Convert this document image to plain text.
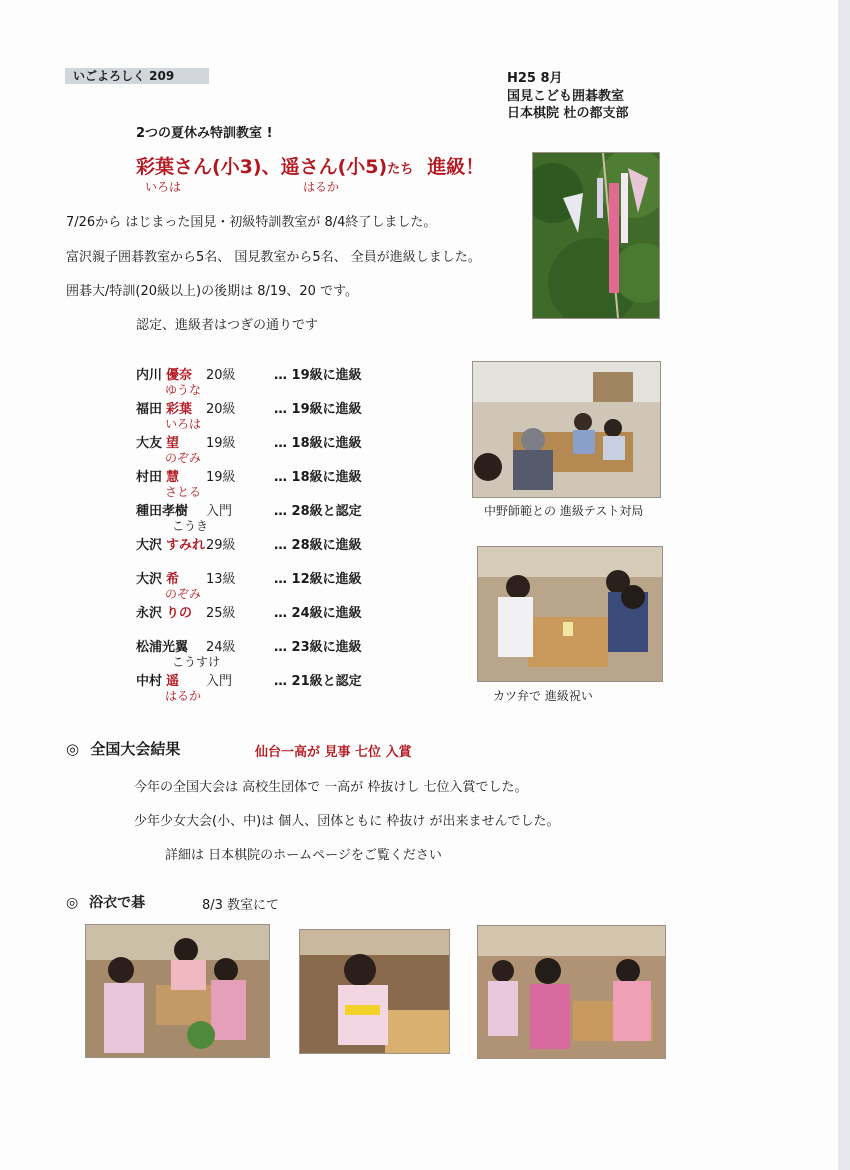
いごよろしく 209	H25 8月
国見こども囲碁教室
日本棋院 杜の都支部
2つの夏休み特訓教室 !
彩葉さん(小3)、遥さん(小5)たち 進級！
いろは	はるか
7/26から はじまった国見・初級特訓教室が 8/4終了しました。
富沢親子囲碁教室から5名、 国見教室から5名、 全員が進級しました。
囲碁大/特訓(20級以上)の後期は 8/19、20 です。
認定、進級者はつぎの通りです
内川 優奈 20級	… 19級に進級
ゆうな
福田 彩葉 20級	… 19級に進級
いろは
大友 望 19級	… 18級に進級
のぞみ
村田 慧 19級	… 18級に進級
さとる
種田孝樹 入門	… 28級と認定
こうき
大沢 すみれ 29級	… 28級に進級
大沢 希 13級	… 12級に進級
のぞみ
永沢 りの 25級	… 24級に進級
松浦光翼 24級	… 23級に進級
こうすけ
中村 遥 入門	… 21級と認定
はるか
中野師範との 進級テスト対局
カツ弁で 進級祝い
◎ 全国大会結果	仙台一高が 見事 七位 入賞
今年の全国大会は 高校生団体で 一高が 枠抜けし 七位入賞でした。
少年少女大会(小、中)は 個人、団体ともに 枠抜け が出来ませんでした。
詳細は 日本棋院のホームページをご覧ください
◎ 浴衣で碁	8/3 教室にて
